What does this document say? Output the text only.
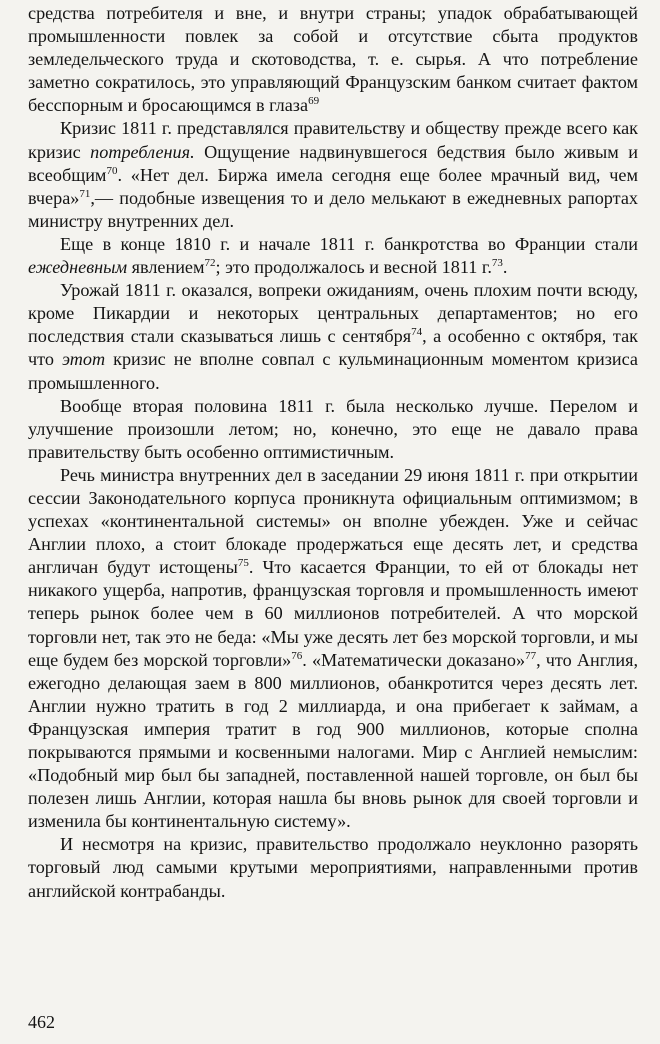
средства потребителя и вне, и внутри страны; упадок обрабатывающей промышленности повлек за собой и отсутствие сбыта продуктов земледельческого труда и скотоводства, т. е. сырья. А что потребление заметно сократилось, это управляющий Французским банком считает фактом бесспорным и бросающимся в глаза$^{69}$

Кризис 1811 г. представлялся правительству и обществу прежде всего как кризис потребления. Ощущение надвинувшегося бедствия было живым и всеобщим$^{70}$. «Нет дел. Биржа имела сегодня еще более мрачный вид, чем вчера»$^{71}$,— подобные извещения то и дело мелькают в ежедневных рапортах министру внутренних дел.

Еще в конце 1810 г. и начале 1811 г. банкротства во Франции стали ежедневным явлением$^{72}$; это продолжалось и весной 1811 г.$^{73}$.

Урожай 1811 г. оказался, вопреки ожиданиям, очень плохим почти всюду, кроме Пикардии и некоторых центральных департаментов; но его последствия стали сказываться лишь с сентября$^{74}$, а особенно с октября, так что этот кризис не вполне совпал с кульминационным моментом кризиса промышленного.

Вообще вторая половина 1811 г. была несколько лучше. Перелом и улучшение произошли летом; но, конечно, это еще не давало права правительству быть особенно оптимистичным.

Речь министра внутренних дел в заседании 29 июня 1811 г. при открытии сессии Законодательного корпуса проникнута официальным оптимизмом; в успехах «континентальной системы» он вполне убежден. Уже и сейчас Англии плохо, а стоит блокаде продержаться еще десять лет, и средства англичан будут истощены$^{75}$. Что касается Франции, то ей от блокады нет никакого ущерба, напротив, французская торговля и промышленность имеют теперь рынок более чем в 60 миллионов потребителей. А что морской торговли нет, так это не беда: «Мы уже десять лет без морской торговли, и мы еще будем без морской торговли»$^{76}$. «Математически доказано»$^{77}$, что Англия, ежегодно делающая заем в 800 миллионов, обанкротится через десять лет. Англии нужно тратить в год 2 миллиарда, и она прибегает к займам, а Французская империя тратит в год 900 миллионов, которые сполна покрываются прямыми и косвенными налогами. Мир с Англией немыслим: «Подобный мир был бы западней, поставленной нашей торговле, он был бы полезен лишь Англии, которая нашла бы вновь рынок для своей торговли и изменила бы континентальную систему».

И несмотря на кризис, правительство продолжало неуклонно разорять торговый люд самыми крутыми мероприятиями, направленными против английской контрабанды.

462
